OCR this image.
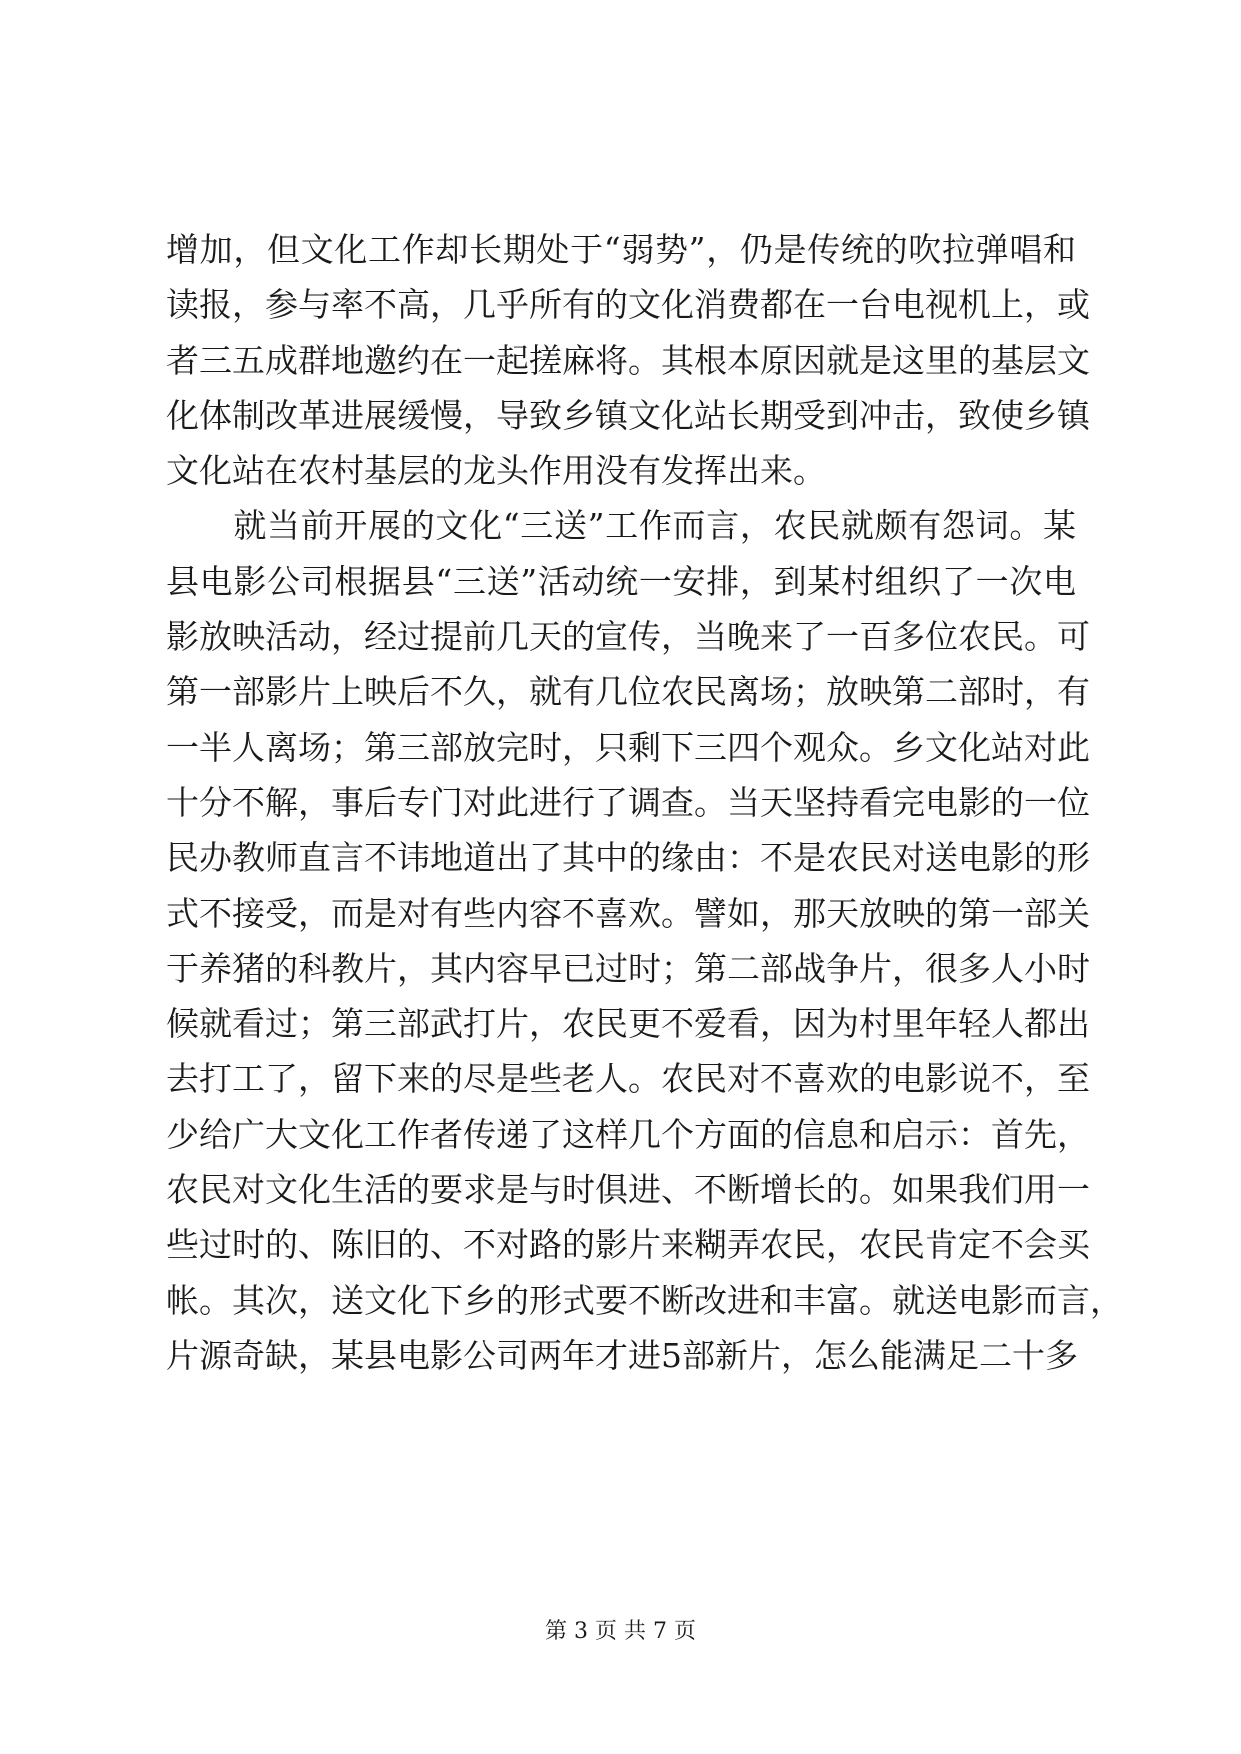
增加，但文化工作却长期处于“弱势”，仍是传统的吹拉弹唱和
读报，参与率不高，几乎所有的文化消费都在一台电视机上，或
者三五成群地邀约在一起搓麻将。其根本原因就是这里的基层文
化体制改革进展缓慢，导致乡镇文化站长期受到冲击，致使乡镇
文化站在农村基层的龙头作用没有发挥出来。
　　就当前开展的文化“三送”工作而言，农民就颇有怨词。某
县电影公司根据县“三送”活动统一安排，到某村组织了一次电
影放映活动，经过提前几天的宣传，当晚来了一百多位农民。可
第一部影片上映后不久，就有几位农民离场；放映第二部时，有
一半人离场；第三部放完时，只剩下三四个观众。乡文化站对此
十分不解，事后专门对此进行了调查。当天坚持看完电影的一位
民办教师直言不讳地道出了其中的缘由：不是农民对送电影的形
式不接受，而是对有些内容不喜欢。譬如，那天放映的第一部关
于养猪的科教片，其内容早已过时；第二部战争片，很多人小时
候就看过；第三部武打片，农民更不爱看，因为村里年轻人都出
去打工了，留下来的尽是些老人。农民对不喜欢的电影说不，至
少给广大文化工作者传递了这样几个方面的信息和启示：首先，
农民对文化生活的要求是与时俱进、不断增长的。如果我们用一
些过时的、陈旧的、不对路的影片来糊弄农民，农民肯定不会买
帐。其次，送文化下乡的形式要不断改进和丰富。就送电影而言，
片源奇缺，某县电影公司两年才进5部新片，怎么能满足二十多
第 3 页 共 7 页
